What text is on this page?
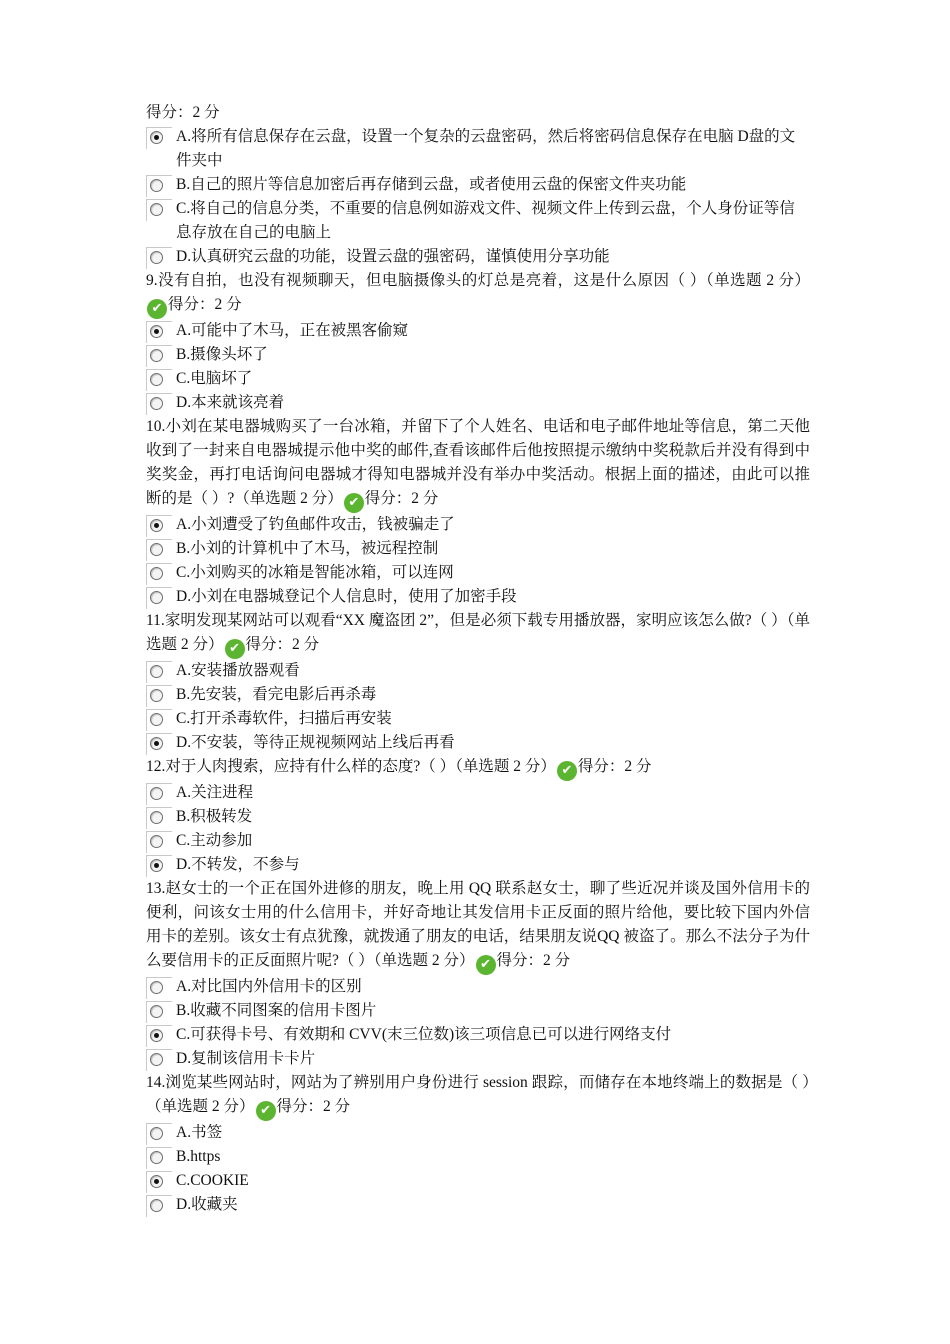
得分：2 分
A.将所有信息保存在云盘，设置一个复杂的云盘密码，然后将密码信息保存在电脑 D盘的文件夹中
B.自己的照片等信息加密后再存储到云盘，或者使用云盘的保密文件夹功能
C.将自己的信息分类，不重要的信息例如游戏文件、视频文件上传到云盘，个人身份证等信息存放在自己的电脑上
D.认真研究云盘的功能，设置云盘的强密码，谨慎使用分享功能
9.没有自拍，也没有视频聊天，但电脑摄像头的灯总是亮着，这是什么原因（ ）（单选题 2 分）✔ 得分：2 分
A.可能中了木马，正在被黑客偷窥
B.摄像头坏了
C.电脑坏了
D.本来就该亮着
10.小刘在某电器城购买了一台冰箱，并留下了个人姓名、电话和电子邮件地址等信息，第二天他收到了一封来自电器城提示他中奖的邮件,查看该邮件后他按照提示缴纳中奖税款后并没有得到中奖奖金，再打电话询问电器城才得知电器城并没有举办中奖活动。根据上面的描述，由此可以推断的是（ ）?（单选题 2 分） ✔ 得分：2 分
A.小刘遭受了钓鱼邮件攻击，钱被骗走了
B.小刘的计算机中了木马，被远程控制
C.小刘购买的冰箱是智能冰箱，可以连网
D.小刘在电器城登记个人信息时，使用了加密手段
11.家明发现某网站可以观看“XX 魔盗团 2”，但是必须下载专用播放器，家明应该怎么做?（ ）（单选题 2 分） ✔ 得分：2 分
A.安装播放器观看
B.先安装，看完电影后再杀毒
C.打开杀毒软件，扫描后再安装
D.不安装，等待正规视频网站上线后再看
12.对于人肉搜索，应持有什么样的态度?（ ）（单选题 2 分） ✔ 得分：2 分
A.关注进程
B.积极转发
C.主动参加
D.不转发，不参与
13.赵女士的一个正在国外进修的朋友，晚上用 QQ 联系赵女士，聊了些近况并谈及国外信用卡的便利，问该女士用的什么信用卡，并好奇地让其发信用卡正反面的照片给他，要比较下国内外信用卡的差别。该女士有点犹豫，就拨通了朋友的电话，结果朋友说QQ 被盗了。那么不法分子为什么要信用卡的正反面照片呢?（ ）（单选题 2 分） ✔ 得分：2 分
A.对比国内外信用卡的区别
B.收藏不同图案的信用卡图片
C.可获得卡号、有效期和 CVV(末三位数)该三项信息已可以进行网络支付
D.复制该信用卡卡片
14.浏览某些网站时，网站为了辨别用户身份进行 session 跟踪，而储存在本地终端上的数据是（ ）（单选题 2 分） ✔ 得分：2 分
A.书签
B.https
C.COOKIE
D.收藏夹
